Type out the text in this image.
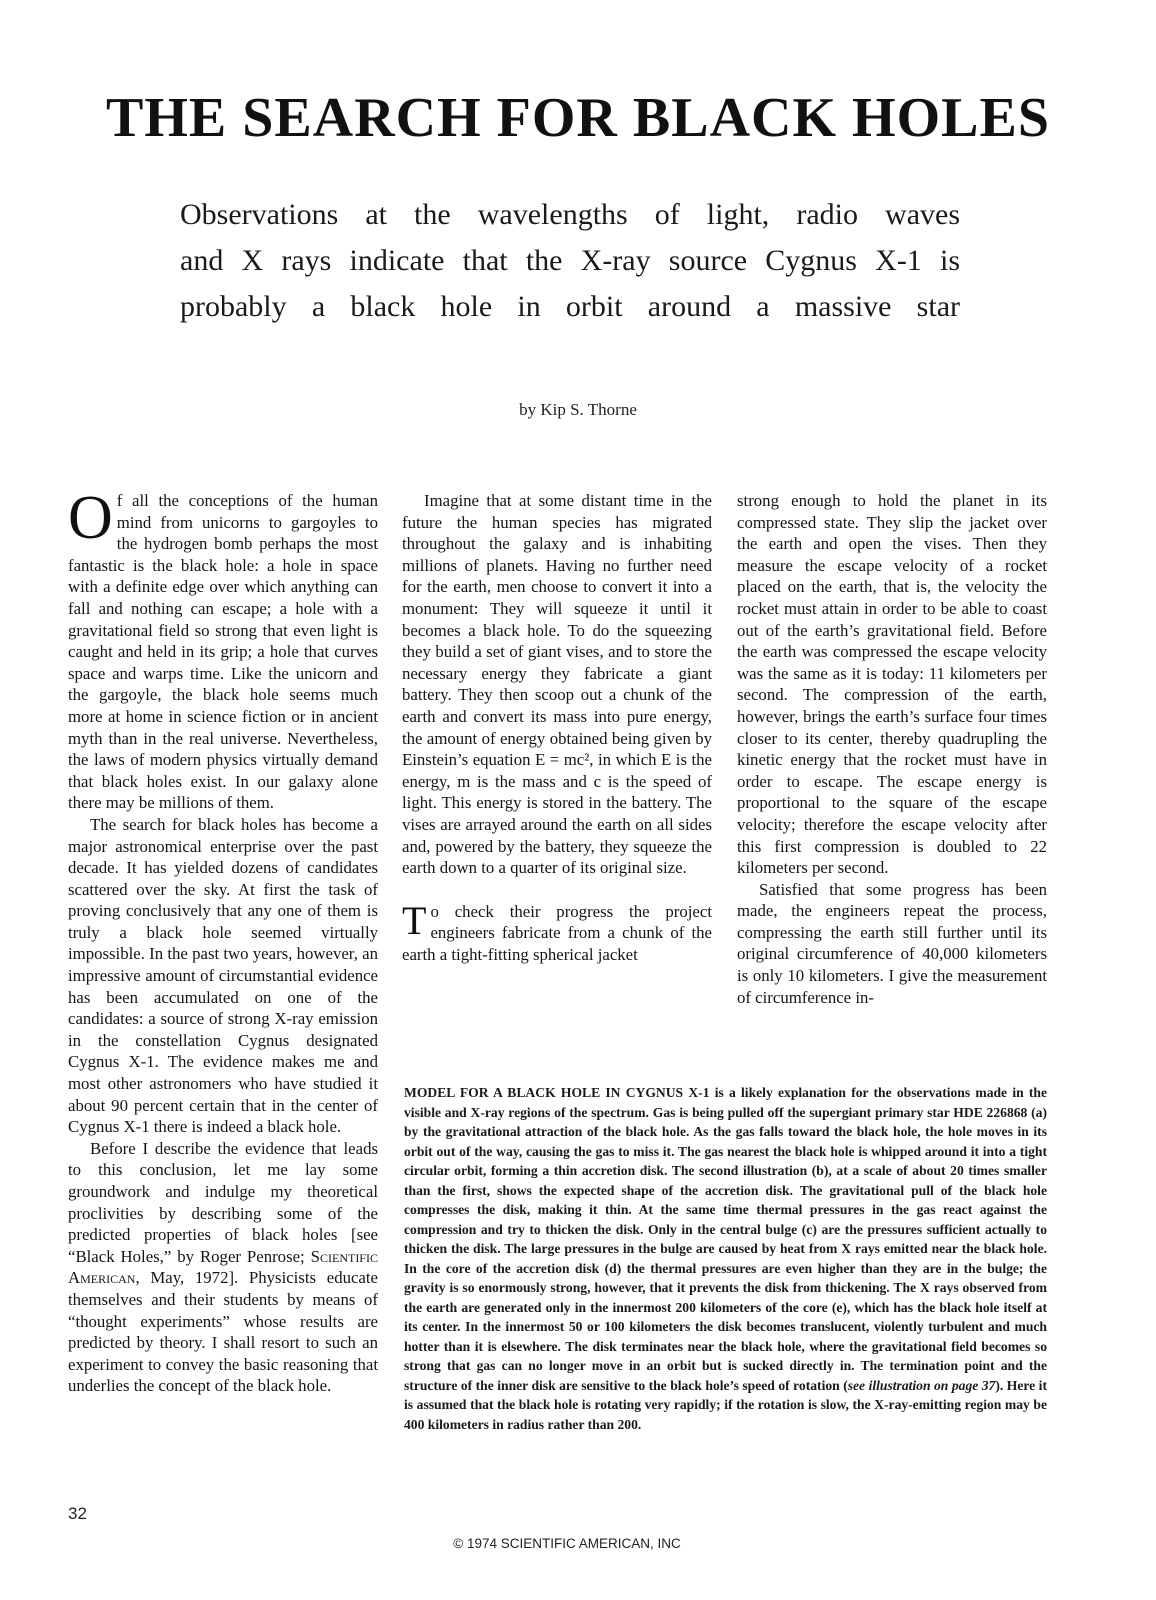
THE SEARCH FOR BLACK HOLES
Observations at the wavelengths of light, radio waves
and X rays indicate that the X-ray source Cygnus X-1 is
probably a black hole in orbit around a massive star
by Kip S. Thorne

Of all the conceptions of the human mind from unicorns to gargoyles to the hydrogen bomb perhaps the most fantastic is the black hole: a hole in space with a definite edge over which anything can fall and nothing can escape; a hole with a gravitational field so strong that even light is caught and held in its grip; a hole that curves space and warps time. Like the unicorn and the gargoyle, the black hole seems much more at home in science fiction or in ancient myth than in the real universe. Nevertheless, the laws of modern physics virtually demand that black holes exist. In our galaxy alone there may be millions of them.

The search for black holes has become a major astronomical enterprise over the past decade. It has yielded dozens of candidates scattered over the sky. At first the task of proving conclusively that any one of them is truly a black hole seemed virtually impossible. In the past two years, however, an impressive amount of circumstantial evidence has been accumulated on one of the candidates: a source of strong X-ray emission in the constellation Cygnus designated Cygnus X-1. The evidence makes me and most other astronomers who have studied it about 90 percent certain that in the center of Cygnus X-1 there is indeed a black hole.

Before I describe the evidence that leads to this conclusion, let me lay some groundwork and indulge my theoretical proclivities by describing some of the predicted properties of black holes [see “Black Holes,” by Roger Penrose; Scientific American, May, 1972]. Physicists educate themselves and their students by means of “thought experiments” whose results are predicted by theory. I shall resort to such an experiment to convey the basic reasoning that underlies the concept of the black hole.

Imagine that at some distant time in the future the human species has migrated throughout the galaxy and is inhabiting millions of planets. Having no further need for the earth, men choose to convert it into a monument: They will squeeze it until it becomes a black hole. To do the squeezing they build a set of giant vises, and to store the necessary energy they fabricate a giant battery. They then scoop out a chunk of the earth and convert its mass into pure energy, the amount of energy obtained being given by Einstein’s equation E = mc², in which E is the energy, m is the mass and c is the speed of light. This energy is stored in the battery. The vises are arrayed around the earth on all sides and, powered by the battery, they squeeze the earth down to a quarter of its original size.

To check their progress the project engineers fabricate from a chunk of the earth a tight-fitting spherical jacket

strong enough to hold the planet in its compressed state. They slip the jacket over the earth and open the vises. Then they measure the escape velocity of a rocket placed on the earth, that is, the velocity the rocket must attain in order to be able to coast out of the earth’s gravitational field. Before the earth was compressed the escape velocity was the same as it is today: 11 kilometers per second. The compression of the earth, however, brings the earth’s surface four times closer to its center, thereby quadrupling the kinetic energy that the rocket must have in order to escape. The escape energy is proportional to the square of the escape velocity; therefore the escape velocity after this first compression is doubled to 22 kilometers per second.

Satisfied that some progress has been made, the engineers repeat the process, compressing the earth still further until its original circumference of 40,000 kilometers is only 10 kilometers. I give the measurement of circumference in-

MODEL FOR A BLACK HOLE IN CYGNUS X-1 is a likely explanation for the observations made in the visible and X-ray regions of the spectrum. Gas is being pulled off the supergiant primary star HDE 226868 (a) by the gravitational attraction of the black hole. As the gas falls toward the black hole, the hole moves in its orbit out of the way, causing the gas to miss it. The gas nearest the black hole is whipped around it into a tight circular orbit, forming a thin accretion disk. The second illustration (b), at a scale of about 20 times smaller than the first, shows the expected shape of the accretion disk. The gravitational pull of the black hole compresses the disk, making it thin. At the same time thermal pressures in the gas react against the compression and try to thicken the disk. Only in the central bulge (c) are the pressures sufficient actually to thicken the disk. The large pressures in the bulge are caused by heat from X rays emitted near the black hole. In the core of the accretion disk (d) the thermal pressures are even higher than they are in the bulge; the gravity is so enormously strong, however, that it prevents the disk from thickening. The X rays observed from the earth are generated only in the innermost 200 kilometers of the core (e), which has the black hole itself at its center. In the innermost 50 or 100 kilometers the disk becomes translucent, violently turbulent and much hotter than it is elsewhere. The disk terminates near the black hole, where the gravitational field becomes so strong that gas can no longer move in an orbit but is sucked directly in. The termination point and the structure of the inner disk are sensitive to the black hole’s speed of rotation (see illustration on page 37). Here it is assumed that the black hole is rotating very rapidly; if the rotation is slow, the X-ray-emitting region may be 400 kilometers in radius rather than 200.

32
© 1974 SCIENTIFIC AMERICAN, INC
